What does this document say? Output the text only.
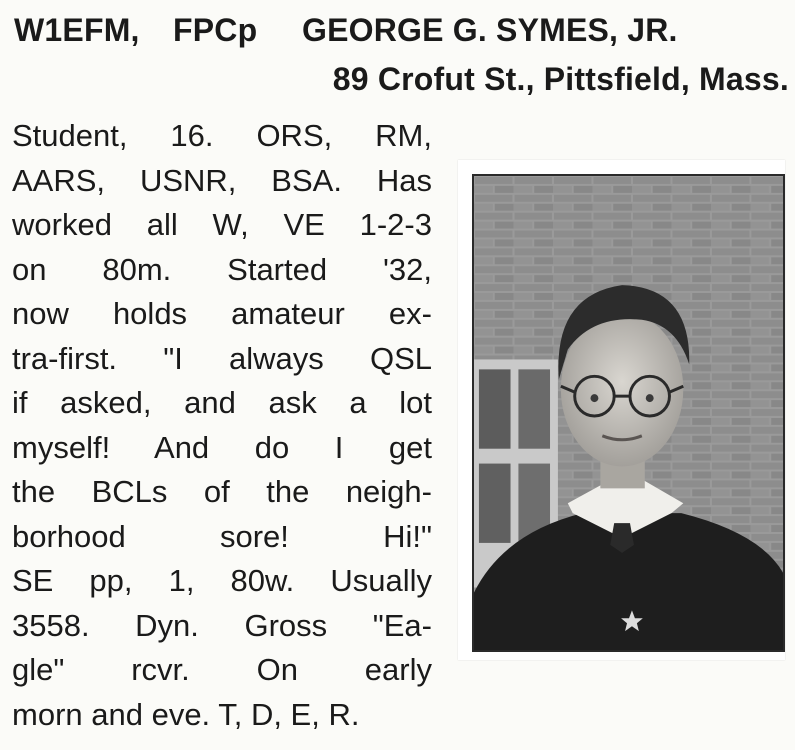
W1EFM, FPCp GEORGE G. SYMES, JR.
89 Crofut St., Pittsfield, Mass.
Student, 16. ORS, RM,
AARS, USNR, BSA. Has
worked all W, VE 1-2-3
on 80m. Started '32,
now holds amateur ex-
tra-first. "I always QSL
if asked, and ask a lot
myself! And do I get
the BCLs of the neigh-
borhood sore! Hi!"
SE pp, 1, 80w. Usually
3558. Dyn. Gross "Ea-
gle" rcvr. On early
morn and eve. T, D, E, R.
